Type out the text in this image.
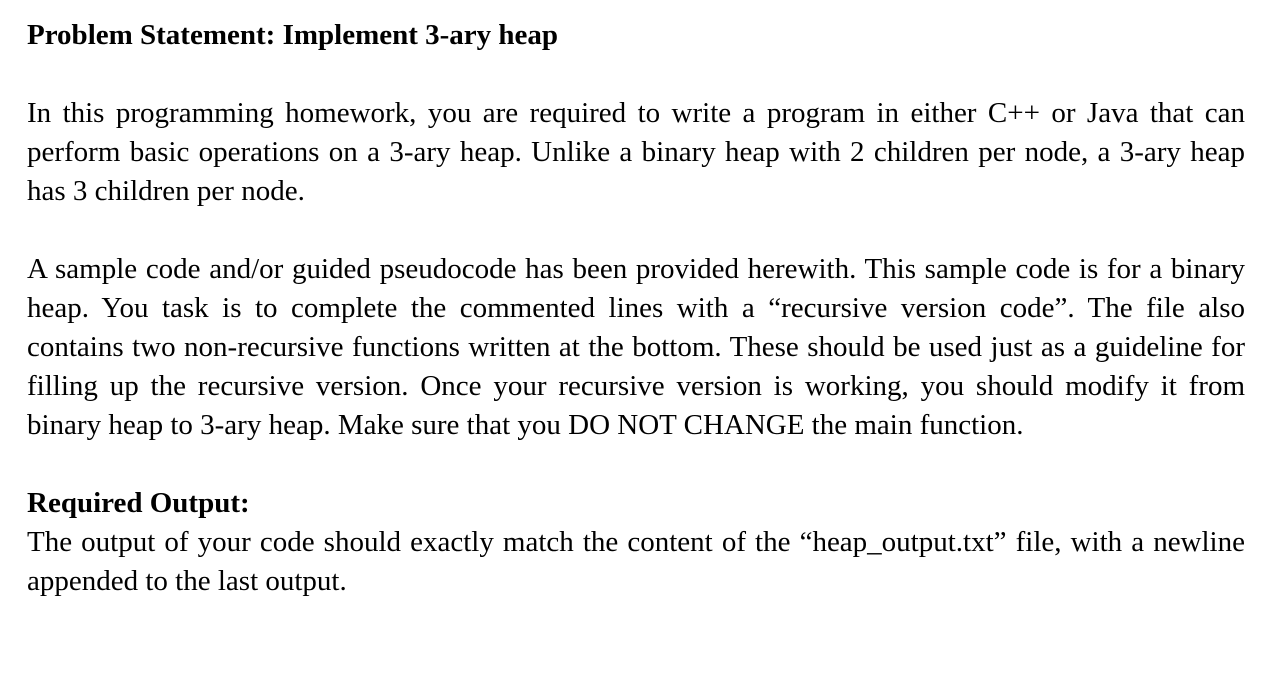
Problem Statement: Implement 3-ary heap

In this programming homework, you are required to write a program in either C++ or Java that can perform basic operations on a 3-ary heap. Unlike a binary heap with 2 children per node, a 3-ary heap has 3 children per node.

A sample code and/or guided pseudocode has been provided herewith. This sample code is for a binary heap. You task is to complete the commented lines with a “recursive version code”. The file also contains two non-recursive functions written at the bottom. These should be used just as a guideline for filling up the recursive version. Once your recursive version is working, you should modify it from binary heap to 3-ary heap. Make sure that you DO NOT CHANGE the main function.

Required Output:

The output of your code should exactly match the content of the “heap_output.txt” file, with a newline appended to the last output.
